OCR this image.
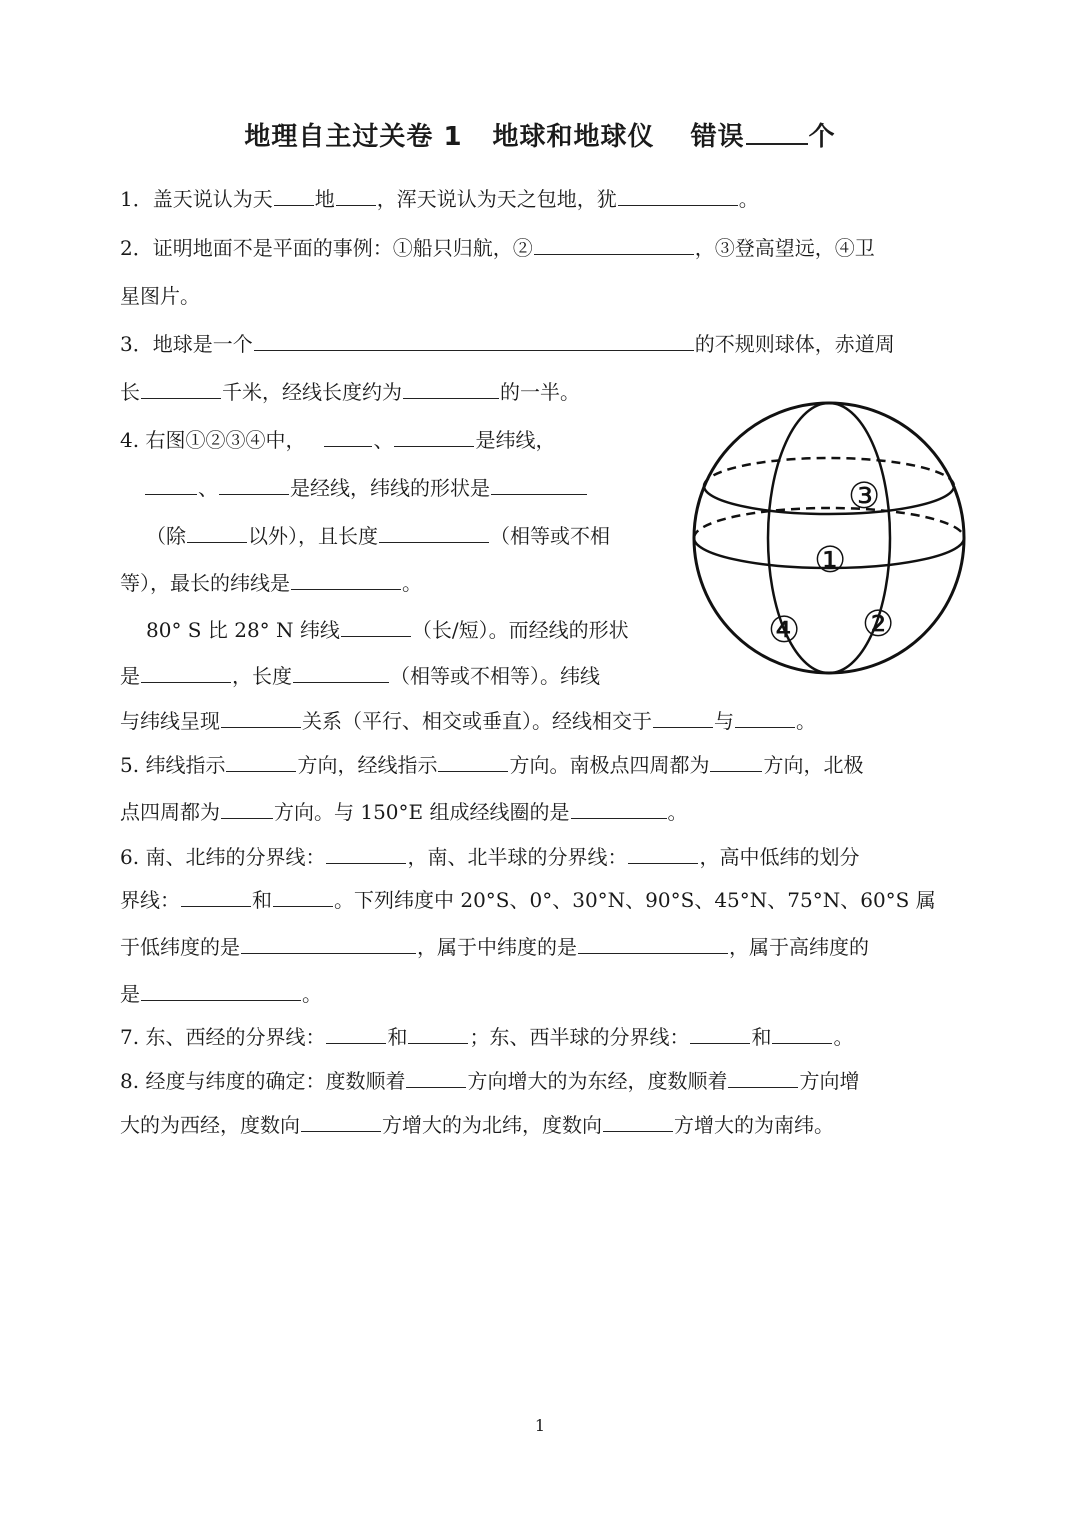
地理自主过关卷 1 地球和地球仪 错误 个
1．盖天说认为天 地 ，浑天说认为天之包地，犹	。
2．证明地面不是平面的事例：①船只归航，②	，③登高望远，④卫
星图片。
3．地球是一个	的不规则球体，赤道周
长	千米，经线长度约为	的一半。
4. 右图①②③④中，	、	是纬线，
、	是经线，纬线的形状是
（除	以外），且长度	（相等或不相
等），最长的纬线是	。
80° S 比 28° N 纬线	（长/短）。而经线的形状
是	，长度	（相等或不相等）。纬线
与纬线呈现	关系（平行、相交或垂直）。经线相交于	与	。
5. 纬线指示	方向，经线指示	方向。南极点四周都为	方向，北极
点四周都为	方向。与 150°E 组成经线圈的是	。
6. 南、北纬的分界线：	，南、北半球的分界线：	，高中低纬的划分
界线：	和	。下列纬度中 20°S、0°、30°N、90°S、45°N、75°N、60°S 属
于低纬度的是	，属于中纬度的是	，属于高纬度的
是	。
7. 东、西经的分界线：	和	；东、西半球的分界线：	和	。
8. 经度与纬度的确定：度数顺着	方向增大的为东经，度数顺着	方向增
大的为西经，度数向	方增大的为北纬，度数向	方增大的为南纬。
③
①
④ ②
1
